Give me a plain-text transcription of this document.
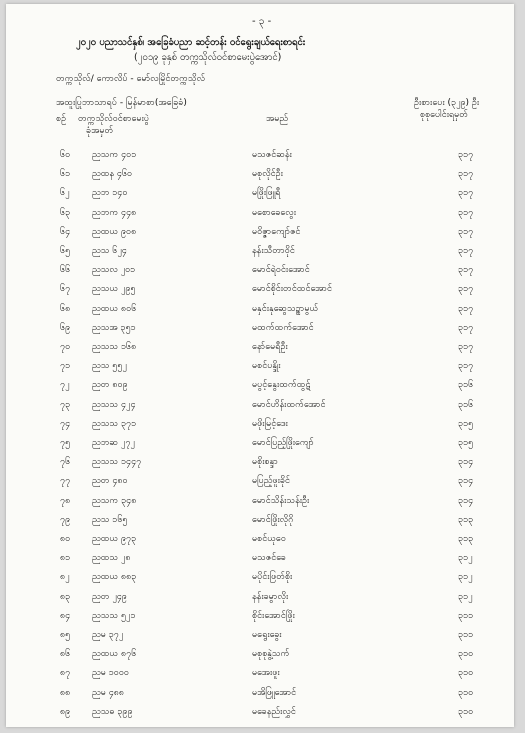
- ၃ -
၂၀၂၀ ပညာသင်နှစ်၊ အခြေခံပညာ ဆင့်တန်း ဝင်ရွေးချယ်ရေးစာရင်း
(၂၀၁၉ ခုနှစ် တက္ကသိုလ်ဝင်စာမေးပွဲအောင်)
တက္ကသိုလ်/ ကောလိပ် - မော်လမြိုင်တက္ကသိုလ်
အထူးပြုဘာသာရပ် - မြန်မာစာ(အခြေခံ)	ဦးစားပေး (၃၂၉) ဦး
စုစုပေါင်းရမှတ်
စဉ် တက္ကသိုလ်ဝင်စာမေးပွဲ	အမည်
ခုံအမှတ်
၆၀ ညသက ၄၀၁	မသဇင်ဆန်း	၃၁၇
၆၁ ညထန ၄၆၀	မစုလိုင်ဦး	၃၁၇
၆၂	ညဘ ၁၄၀	မဖြိုးဖြူရီ	၃၁၇
၆၃ ညဘက ၄၄၈	မစောခေလွေး	၃၁၇
၆၄ ညထယ ၉၀၈	မဝိဇ္ဇာကျော်ဇင်	၃၁၇
၆၅ ညသ ၆၂၄	နန်းသီတာဝိုင်	၃၁၇
၆၆ ညသလ ၂၀၁	မောင်ရဲဝင်းအောင်	၃၁၇
၆၇ ညသယ ၂၉၅	မောင်စိုင်းတင်ထင်အောင်	၃၁၇
၆၈ ညထယ ၈၀၆	မနှင်းနုဆွေသဉ္စာမွယ်	၃၁၇
၆၉ ညသအ ၃၅၁	မထက်ထက်အောင်	၃၁၇
၇၀ ညသသ ၁၆၈	နော်မေရီဦး	၃၁၇
၇၁ ညသ ၅၅၂	မစင်ပန္ဒိုး	၃၁၇
၇၂	ညတ ၈၀၉	မပွင့်နွေးထက်ထွဋ်	၃၁၆
၇၃ ညသသ ၄၂၄	မောင်ဟိန်းထက်အောင်	၃၁၆
၇၄ ညသသ ၃၇၁	မဖိုးမြင့်ဒေး	၃၁၅
၇၅ ညဘဆ ၂၇၂	မောင်ပြည့်ဖြိုးကျော်	၃၁၅
၇၆ ညသသ ၁၄၄၇	မစိုးစန္ဒာ	၃၁၄
၇၇ ညတ ၄၈၀	မပြည့်ဖူးခိုင်	၃၁၄
၇၈ ညသက ၃၄၈	မောင်သိန်းသန်းဦး	၃၁၄
၇၉ ညသ ၁၆၅	မောင်ဖြိုးလိုဂို	၃၁၃
၈၀ ညထယ ၉၇၃	မစင်ယုဝေ	၃၁၃
၈၁ ညထသ ၂၈	မသဇင်ခေ	၃၁၂
၈၂ ညထယ ၈၈၃	မပိုင်းဖြတ်စိုး	၃၁၂
၈၃ ညတ ၂၄၉	နန်းခမွာလိုး	၃၁၂
၈၄ ညသသ ၅၂၁	စိုင်းအောင်ဖြိုး	၃၁၁
၈၅ ညမ ၃၇၂	မရွေးခွေး	၃၁၁
၈၆ ညထယ ၈၇၆	မစုစုနွဲ့သက်	၃၁၀
၈၇ ညမ ၁၀၀၀	မအေးဖူး	၃၁၀
၈၈ ညမ ၄၈၈	မအိဖြူအောင်	၃၁၀
၈၉ ညသဓ ၃၉၉	မခေနည်းလွှင်	၃၁၀
